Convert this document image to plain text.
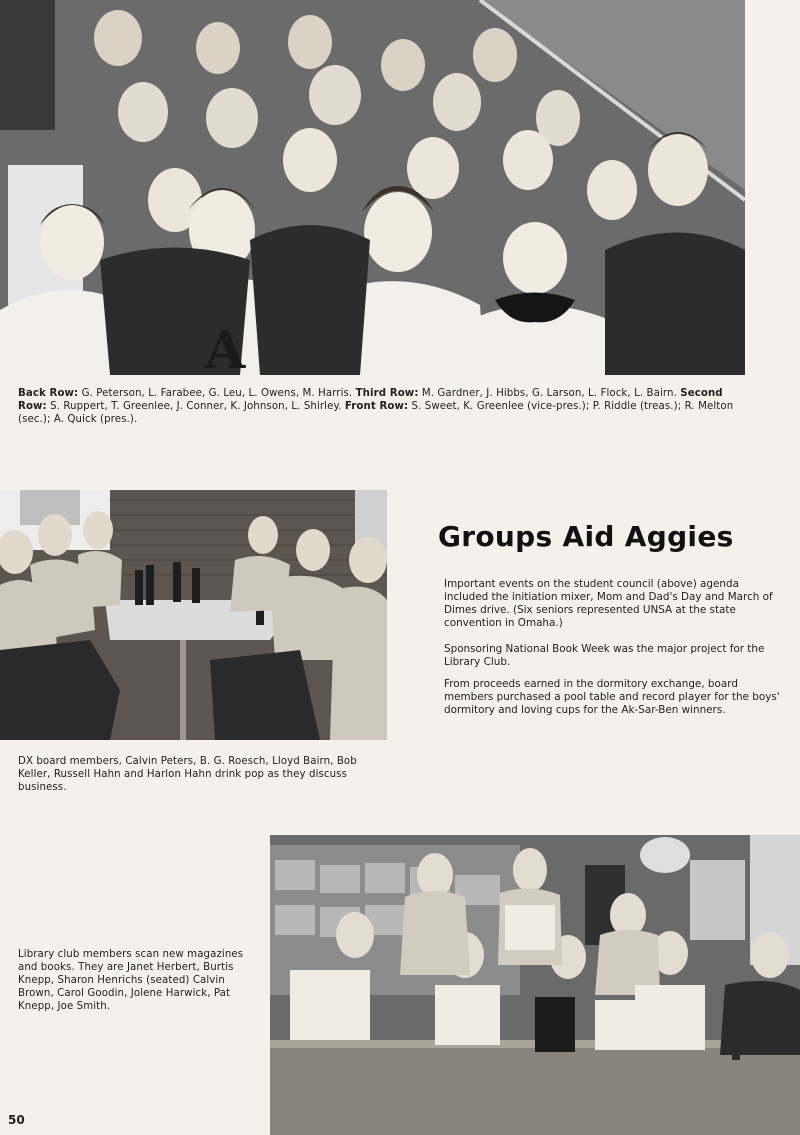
A
Back Row: G. Peterson, L. Farabee, G. Leu, L. Owens, M. Harris. Third Row: M. Gardner, J. Hibbs, G. Larson, L. Flock, L. Bairn. Second Row: S. Ruppert, T. Greenlee, J. Conner, K. Johnson, L. Shirley. Front Row: S. Sweet, K. Greenlee (vice-pres.); P. Riddle (treas.); R. Melton (sec.); A. Quick (pres.).
DX board members, Calvin Peters, B. G. Roesch, Lloyd Bairn, Bob Keller, Russell Hahn and Harlon Hahn drink pop as they discuss business.
Groups Aid Aggies

Important events on the student council (above) agenda included the initiation mixer, Mom and Dad's Day and March of Dimes drive. (Six seniors represented UNSA at the state convention in Omaha.)

Sponsoring National Book Week was the major project for the Library Club.

From proceeds earned in the dormitory exchange, board members purchased a pool table and record player for the boys' dormitory and loving cups for the Ak-Sar-Ben winners.

Library club members scan new magazines and books. They are Janet Herbert, Burtis Knepp, Sharon Henrichs (seated) Calvin Brown, Carol Goodin, Jolene Harwick, Pat Knepp, Joe Smith.
50
